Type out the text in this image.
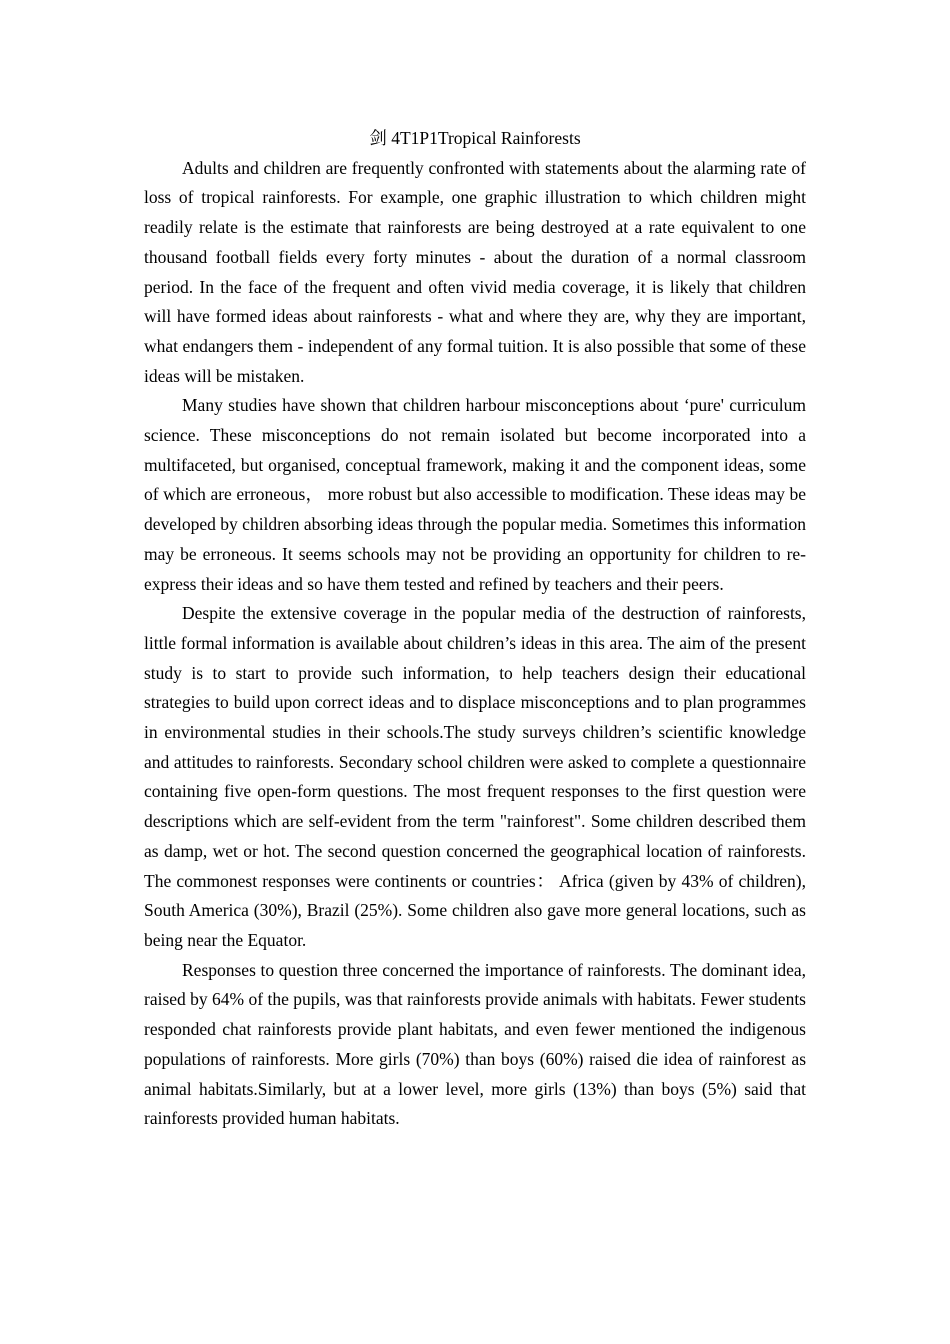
剑 4T1P1Tropical Rainforests

Adults and children are frequently confronted with statements about the alarming rate of loss of tropical rainforests. For example, one graphic illustration to which children might readily relate is the estimate that rainforests are being destroyed at a rate equivalent to one thousand football fields every forty minutes - about the duration of a normal classroom period. In the face of the frequent and often vivid media coverage, it is likely that children will have formed ideas about rainforests - what and where they are, why they are important, what endangers them - independent of any formal tuition. It is also possible that some of these ideas will be mistaken.

Many studies have shown that children harbour misconceptions about ‘pure' curriculum science. These misconceptions do not remain isolated but become incorporated into a multifaceted, but organised, conceptual framework, making it and the component ideas, some of which are erroneous， more robust but also accessible to modification. These ideas may be developed by children absorbing ideas through the popular media. Sometimes this information may be erroneous. It seems schools may not be providing an opportunity for children to re-express their ideas and so have them tested and refined by teachers and their peers.

Despite the extensive coverage in the popular media of the destruction of rainforests, little formal information is available about children’s ideas in this area. The aim of the present study is to start to provide such information, to help teachers design their educational strategies to build upon correct ideas and to displace misconceptions and to plan programmes in environmental studies in their schools.The study surveys children’s scientific knowledge and attitudes to rainforests. Secondary school children were asked to complete a questionnaire containing five open-form questions. The most frequent responses to the first question were descriptions which are self-evident from the term "rainforest". Some children described them as damp, wet or hot. The second question concerned the geographical location of rainforests. The commonest responses were continents or countries： Africa (given by 43% of children), South America (30%), Brazil (25%). Some children also gave more general locations, such as being near the Equator.

Responses to question three concerned the importance of rainforests. The dominant idea, raised by 64% of the pupils, was that rainforests provide animals with habitats. Fewer students responded chat rainforests provide plant habitats, and even fewer mentioned the indigenous populations of rainforests. More girls (70%) than boys (60%) raised die idea of rainforest as animal habitats.Similarly, but at a lower level, more girls (13%) than boys (5%) said that rainforests provided human habitats.
